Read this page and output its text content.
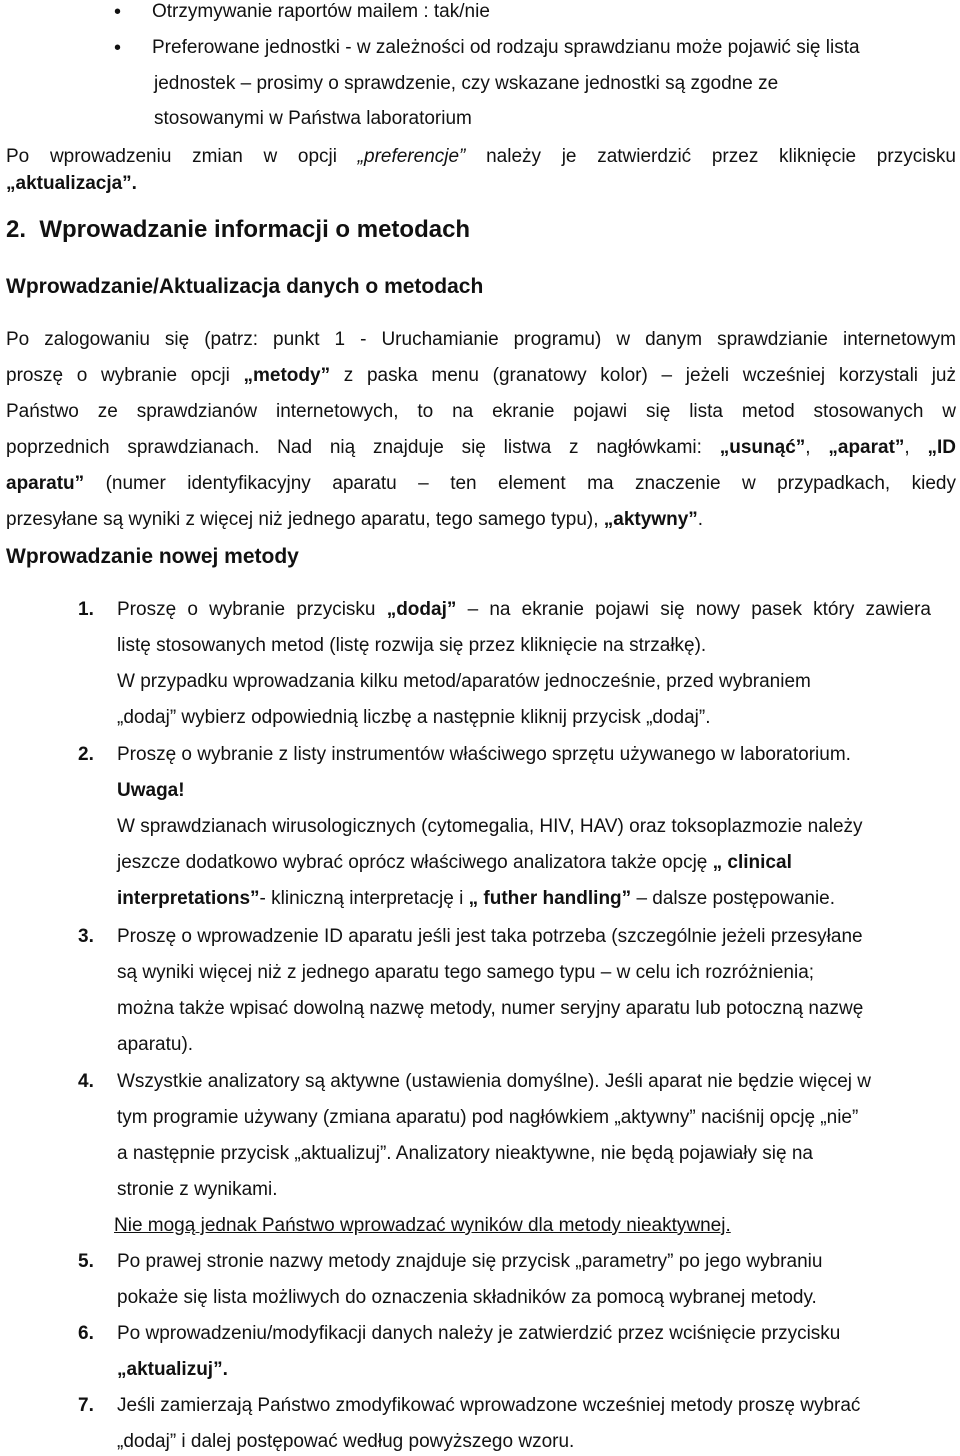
• Otrzymywanie raportów mailem : tak/nie
• Preferowane jednostki - w zależności od rodzaju sprawdzianu może pojawić się lista
jednostek – prosimy o sprawdzenie, czy wskazane jednostki są zgodne ze
stosowanymi w Państwa laboratorium
Po wprowadzeniu zmian w opcji „preferencje” należy je zatwierdzić przez kliknięcie przycisku
„aktualizacja”.
2. Wprowadzanie informacji o metodach
Wprowadzanie/Aktualizacja danych o metodach
Po zalogowaniu się (patrz: punkt 1 - Uruchamianie programu) w danym sprawdzianie internetowym
proszę o wybranie opcji „metody” z paska menu (granatowy kolor) – jeżeli wcześniej korzystali już
Państwo ze sprawdzianów internetowych, to na ekranie pojawi się lista metod stosowanych w
poprzednich sprawdzianach. Nad nią znajduje się listwa z nagłówkami: „usunąć”, „aparat”, „ID
aparatu” (numer identyfikacyjny aparatu – ten element ma znaczenie w przypadkach, kiedy
przesyłane są wyniki z więcej niż jednego aparatu, tego samego typu), „aktywny”.
Wprowadzanie nowej metody
1.	Proszę o wybranie przycisku „dodaj” – na ekranie pojawi się nowy pasek który zawiera
listę stosowanych metod (listę rozwija się przez kliknięcie na strzałkę).
W przypadku wprowadzania kilku metod/aparatów jednocześnie, przed wybraniem
„dodaj” wybierz odpowiednią liczbę a następnie kliknij przycisk „dodaj”.
2.	Proszę o wybranie z listy instrumentów właściwego sprzętu używanego w laboratorium.
Uwaga!
W sprawdzianach wirusologicznych (cytomegalia, HIV, HAV) oraz toksoplazmozie należy
jeszcze dodatkowo wybrać oprócz właściwego analizatora także opcję „ clinical
interpretations”- kliniczną interpretację i „ futher handling” – dalsze postępowanie.
3.	Proszę o wprowadzenie ID aparatu jeśli jest taka potrzeba (szczególnie jeżeli przesyłane
są wyniki więcej niż z jednego aparatu tego samego typu – w celu ich rozróżnienia;
można także wpisać dowolną nazwę metody, numer seryjny aparatu lub potoczną nazwę
aparatu).
4.	Wszystkie analizatory są aktywne (ustawienia domyślne). Jeśli aparat nie będzie więcej w
tym programie używany (zmiana aparatu) pod nagłówkiem „aktywny” naciśnij opcję „nie”
a następnie przycisk „aktualizuj”. Analizatory nieaktywne, nie będą pojawiały się na
stronie z wynikami.
Nie mogą jednak Państwo wprowadzać wyników dla metody nieaktywnej.
5.	Po prawej stronie nazwy metody znajduje się przycisk „parametry” po jego wybraniu
pokaże się lista możliwych do oznaczenia składników za pomocą wybranej metody.
6.	Po wprowadzeniu/modyfikacji danych należy je zatwierdzić przez wciśnięcie przycisku
„aktualizuj”.
7.	Jeśli zamierzają Państwo zmodyfikować wprowadzone wcześniej metody proszę wybrać
„dodaj” i dalej postępować według powyższego wzoru.
